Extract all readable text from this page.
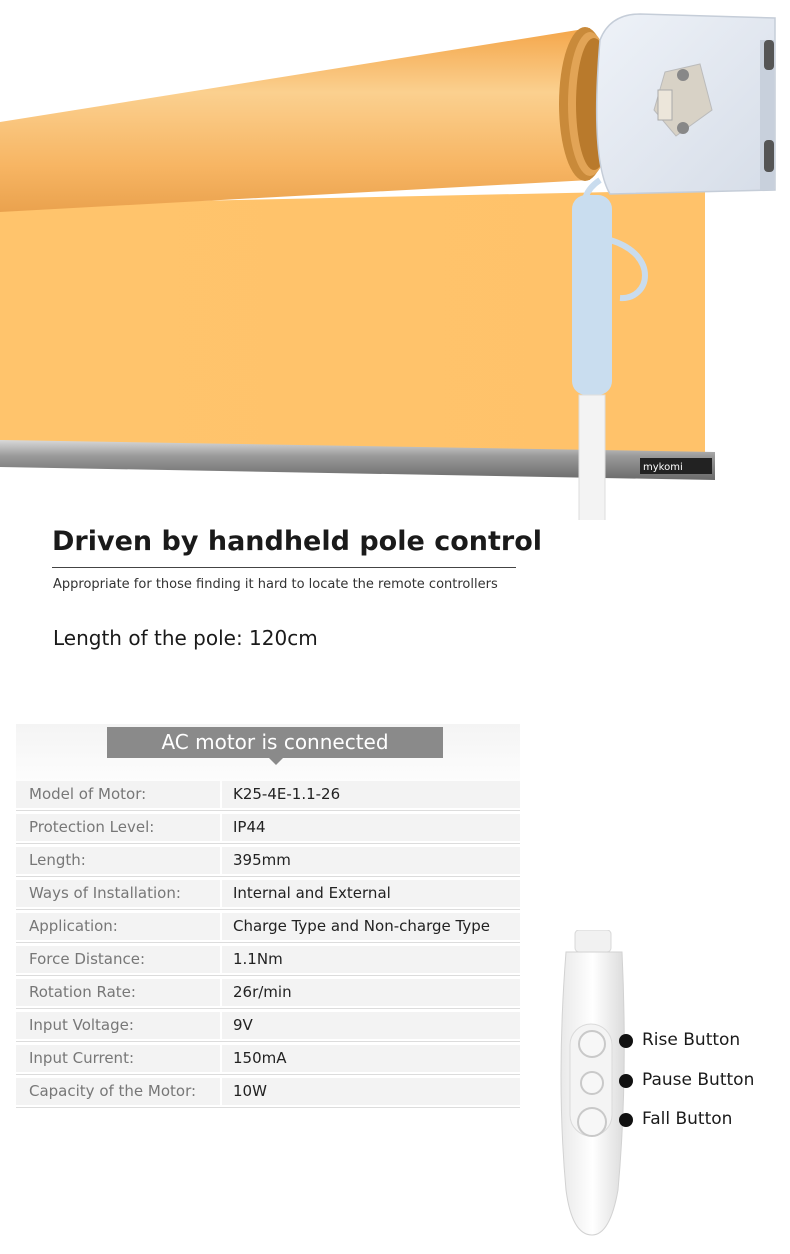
mykomi
Driven by handheld pole control
Appropriate for those finding it hard to locate the remote controllers
Length of the pole: 120cm
AC motor is connected
Model of Motor:	K25-4E-1.1-26
Protection Level:	IP44
Length:	395mm
Ways of Installation:	Internal and External
Application:	Charge Type and Non-charge Type
Force Distance:	1.1Nm
Rotation Rate:	26r/min
Input Voltage:	9V
Input Current:	150mA
Capacity of the Motor:	10W
Rise Button
Pause Button
Fall Button
